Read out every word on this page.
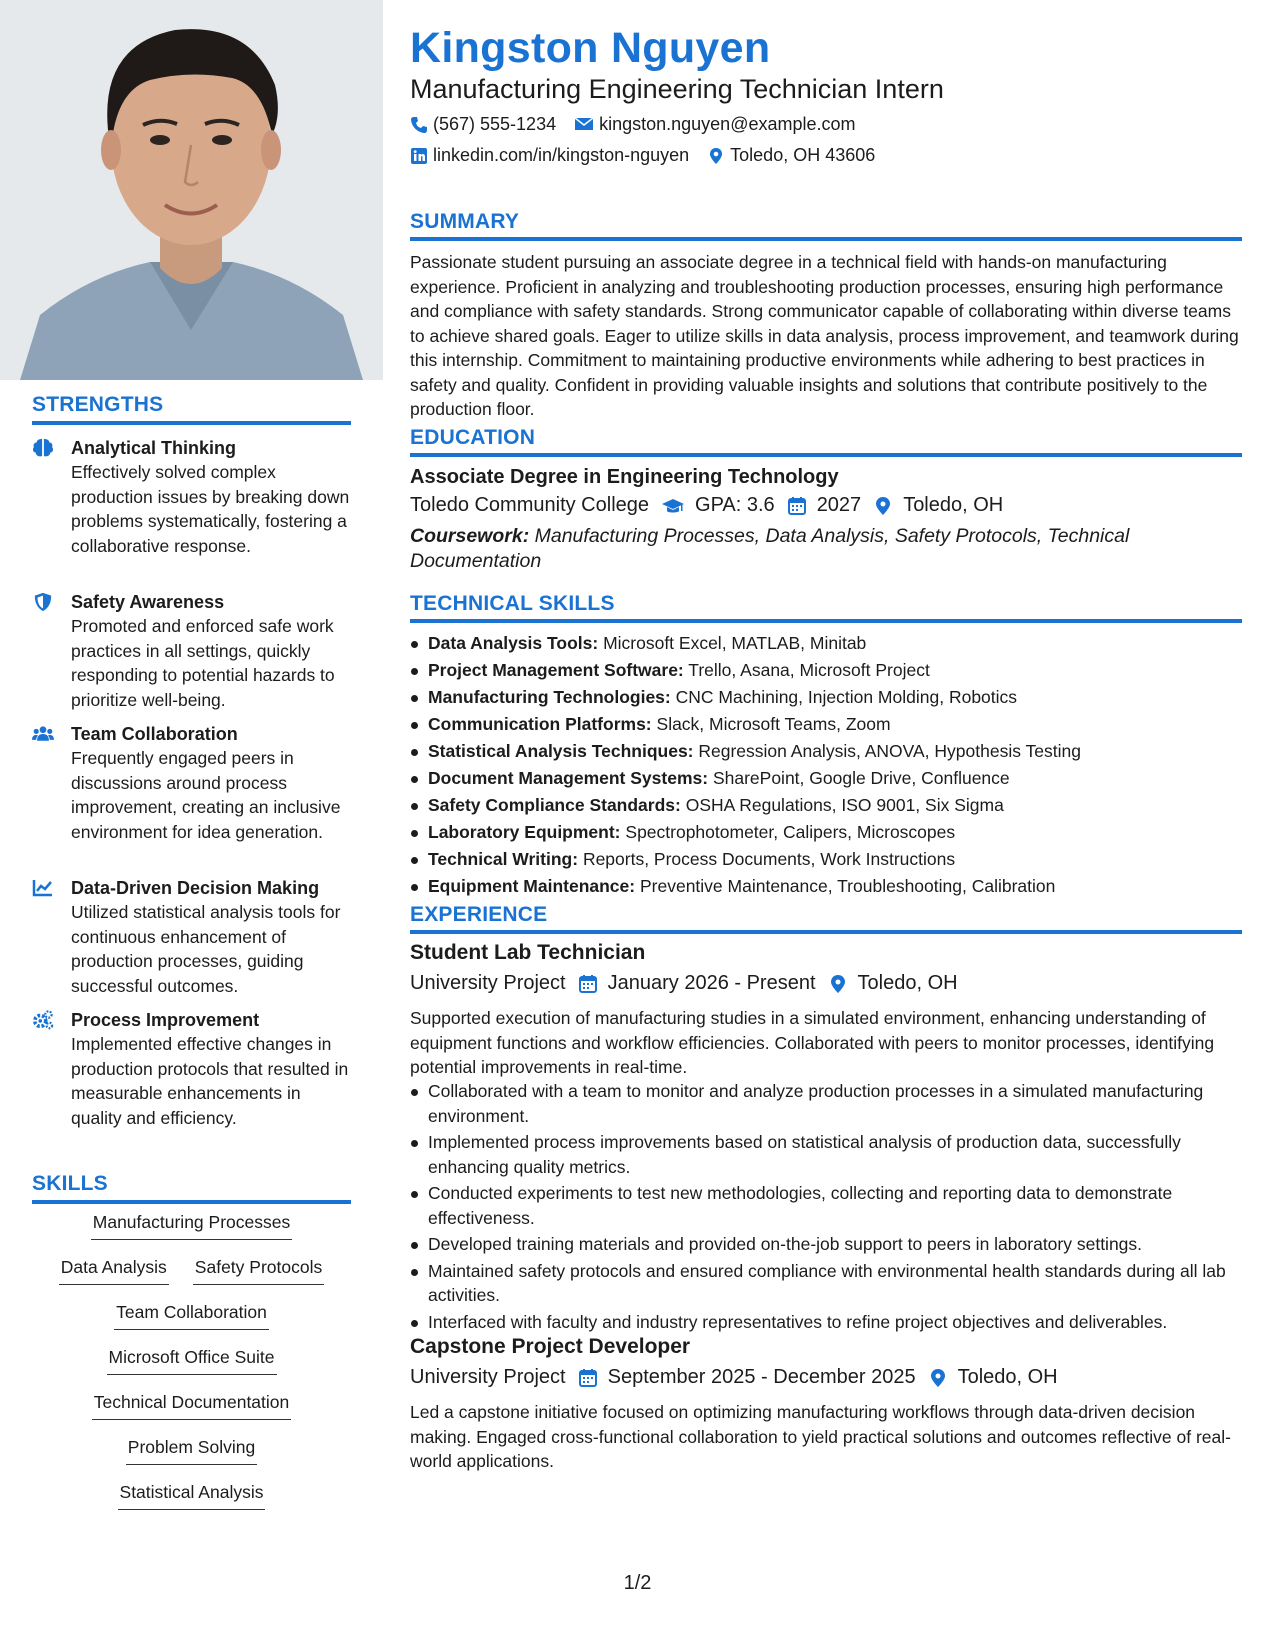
STRENGTHS
Analytical Thinking
Effectively solved complex production issues by breaking down problems systematically, fostering a collaborative response.
Safety Awareness
Promoted and enforced safe work practices in all settings, quickly responding to potential hazards to prioritize well-being.
Team Collaboration
Frequently engaged peers in discussions around process improvement, creating an inclusive environment for idea generation.
Data-Driven Decision Making
Utilized statistical analysis tools for continuous enhancement of production processes, guiding successful outcomes.
Process Improvement
Implemented effective changes in production protocols that resulted in measurable enhancements in quality and efficiency.
SKILLS
Manufacturing Processes
Data Analysis Safety Protocols
Team Collaboration
Microsoft Office Suite
Technical Documentation
Problem Solving
Statistical Analysis
Kingston Nguyen
Manufacturing Engineering Technician Intern
(567) 555-1234 kingston.nguyen@example.com
linkedin.com/in/kingston-nguyen Toledo, OH 43606
SUMMARY
Passionate student pursuing an associate degree in a technical field with hands-on manufacturing experience. Proficient in analyzing and troubleshooting production processes, ensuring high performance and compliance with safety standards. Strong communicator capable of collaborating within diverse teams to achieve shared goals. Eager to utilize skills in data analysis, process improvement, and teamwork during this internship. Commitment to maintaining productive environments while adhering to best practices in safety and quality. Confident in providing valuable insights and solutions that contribute positively to the production floor.
EDUCATION
Associate Degree in Engineering Technology
Toledo Community College GPA: 3.6 2027 Toledo, OH
Coursework: Manufacturing Processes, Data Analysis, Safety Protocols, Technical Documentation
TECHNICAL SKILLS
Data Analysis Tools: Microsoft Excel, MATLAB, Minitab
Project Management Software: Trello, Asana, Microsoft Project
Manufacturing Technologies: CNC Machining, Injection Molding, Robotics
Communication Platforms: Slack, Microsoft Teams, Zoom
Statistical Analysis Techniques: Regression Analysis, ANOVA, Hypothesis Testing
Document Management Systems: SharePoint, Google Drive, Confluence
Safety Compliance Standards: OSHA Regulations, ISO 9001, Six Sigma
Laboratory Equipment: Spectrophotometer, Calipers, Microscopes
Technical Writing: Reports, Process Documents, Work Instructions
Equipment Maintenance: Preventive Maintenance, Troubleshooting, Calibration
EXPERIENCE
Student Lab Technician
University Project January 2026 - Present Toledo, OH
Supported execution of manufacturing studies in a simulated environment, enhancing understanding of equipment functions and workflow efficiencies. Collaborated with peers to monitor processes, identifying potential improvements in real-time.
Collaborated with a team to monitor and analyze production processes in a simulated manufacturing environment.
Implemented process improvements based on statistical analysis of production data, successfully enhancing quality metrics.
Conducted experiments to test new methodologies, collecting and reporting data to demonstrate effectiveness.
Developed training materials and provided on-the-job support to peers in laboratory settings.
Maintained safety protocols and ensured compliance with environmental health standards during all lab activities.
Interfaced with faculty and industry representatives to refine project objectives and deliverables.
Capstone Project Developer
University Project September 2025 - December 2025 Toledo, OH
Led a capstone initiative focused on optimizing manufacturing workflows through data-driven decision making. Engaged cross-functional collaboration to yield practical solutions and outcomes reflective of real-world applications.
1/2
